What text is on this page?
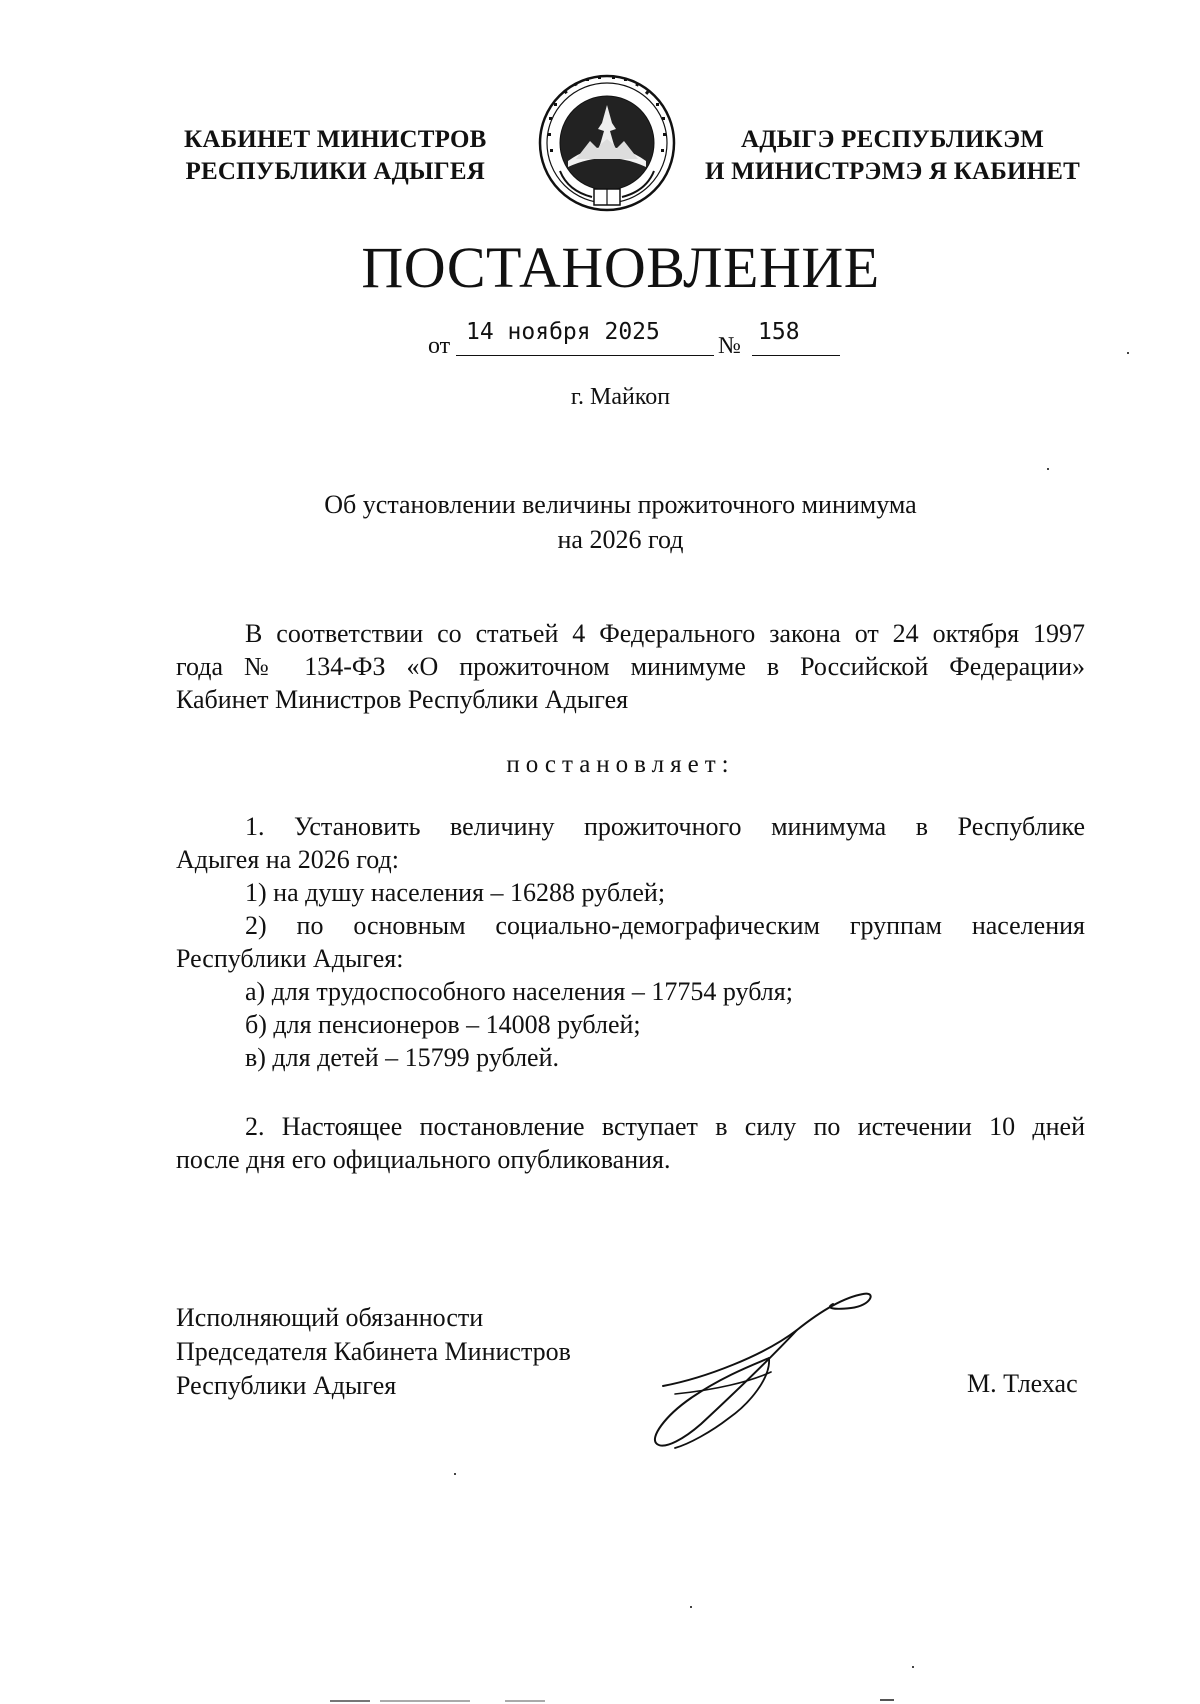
КАБИНЕТ МИНИСТРОВ
РЕСПУБЛИКИ АДЫГЕЯ
АДЫГЭ РЕСПУБЛИКЭМ
И МИНИСТРЭМЭ Я КАБИНЕТ
ПОСТАНОВЛЕНИЕ
от
14 ноября 2025
№
158
г. Майкоп
Об установлении величины прожиточного минимума
на 2026 год
В соответствии со статьей 4 Федерального закона от 24 октября 1997
года № 134-ФЗ «О прожиточном минимуме в Российской Федерации»
Кабинет Министров Республики Адыгея
постановляет:
1. Установить величину прожиточного минимума в Республике
Адыгея на 2026 год:
1) на душу населения – 16288 рублей;
2) по основным социально-демографическим группам населения
Республики Адыгея:
а) для трудоспособного населения – 17754 рубля;
б) для пенсионеров – 14008 рублей;
в) для детей – 15799 рублей.
2. Настоящее постановление вступает в силу по истечении 10 дней
после дня его официального опубликования.
Исполняющий обязанности
Председателя Кабинета Министров
Республики Адыгея	М. Тлехас
